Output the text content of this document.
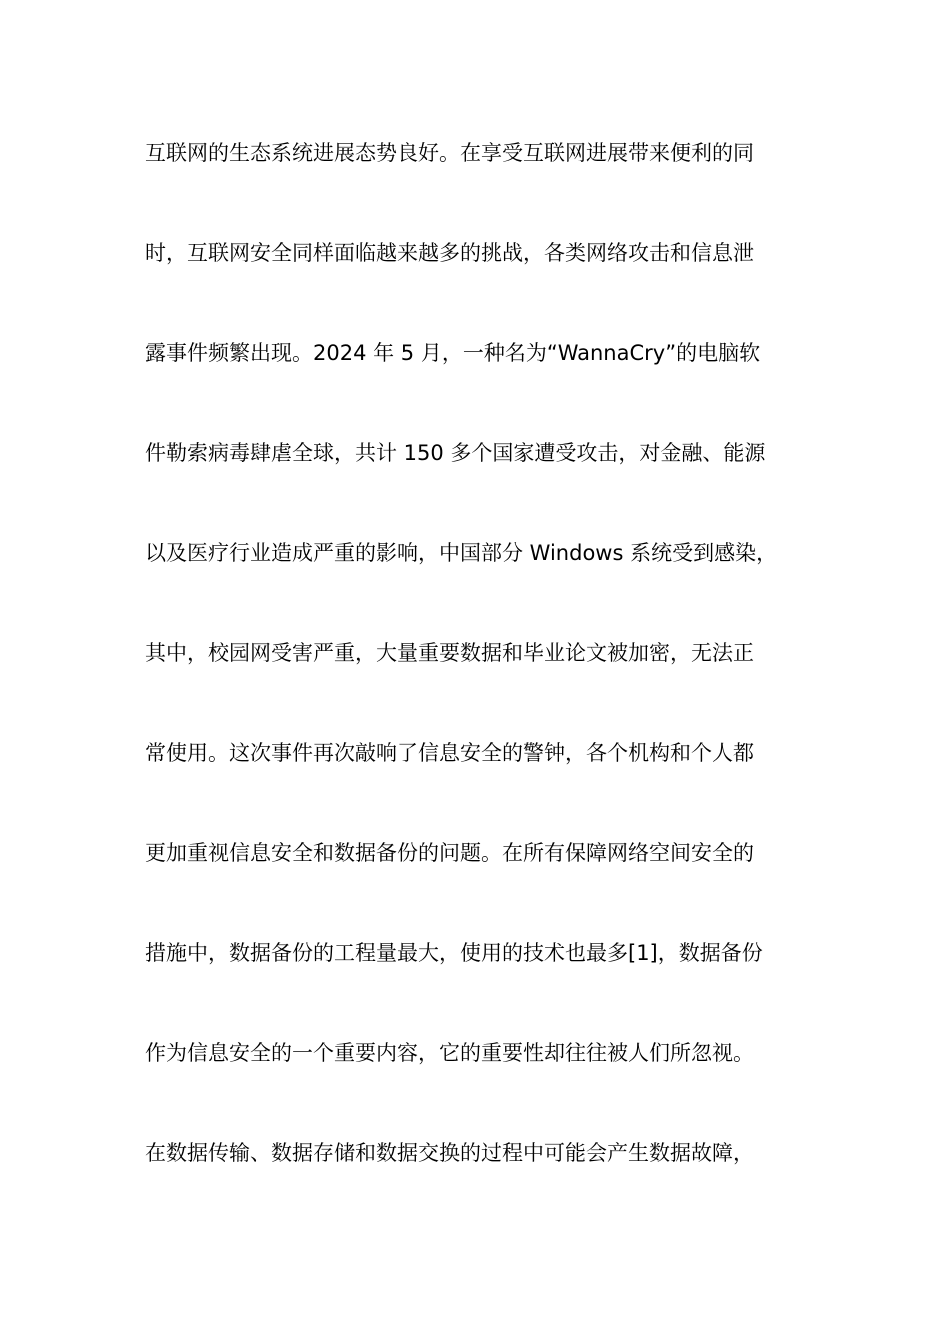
互联网的生态系统进展态势良好。在享受互联网进展带来便利的同
时，互联网安全同样面临越来越多的挑战，各类网络攻击和信息泄
露事件频繁出现。2024 年 5 月，一种名为“WannaCry”的电脑软
件勒索病毒肆虐全球，共计 150 多个国家遭受攻击，对金融、能源
以及医疗行业造成严重的影响，中国部分 Windows 系统受到感染，
其中，校园网受害严重，大量重要数据和毕业论文被加密，无法正
常使用。这次事件再次敲响了信息安全的警钟，各个机构和个人都
更加重视信息安全和数据备份的问题。在所有保障网络空间安全的
措施中，数据备份的工程量最大，使用的技术也最多[1]，数据备份
作为信息安全的一个重要内容，它的重要性却往往被人们所忽视。
在数据传输、数据存储和数据交换的过程中可能会产生数据故障，
